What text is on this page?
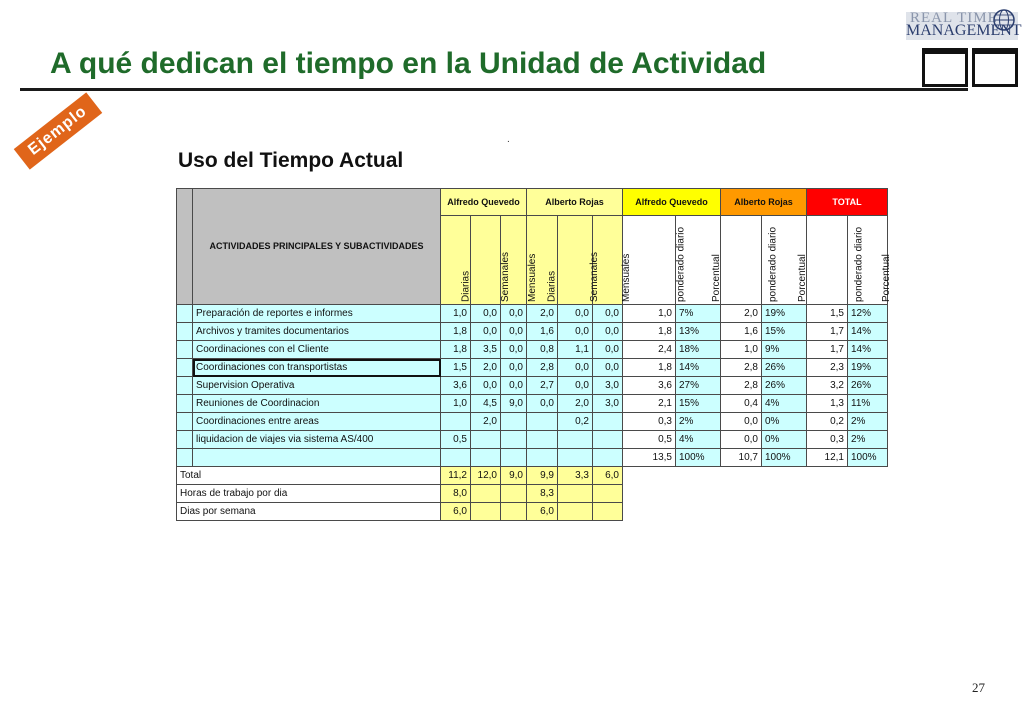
A qué dedican el tiempo en la Unidad de Actividad
REAL TIME
MANAGEMENT
Ejemplo	.
Uso del Tiempo Actual
	ACTIVIDADES PRINCIPALES Y SUBACTIVIDADES	Alfredo Quevedo			Alberto Rojas			Alfredo Quevedo		Alberto Rojas		TOTAL	

		Diarias	Semanales	Mensuales	Diarias	Semanales	Mensuales	ponderado diario	Porcentual	ponderado diario	Porcentual	ponderado diario	Porcentual

	Preparación de reportes e informes	1,0	0,0	0,0	2,0	0,0	0,0	1,0	7%	2,0	19%	1,5	12%
	Archivos y tramites documentarios	1,8	0,0	0,0	1,6	0,0	0,0	1,8	13%	1,6	15%	1,7	14%
	Coordinaciones con el Cliente	1,8	3,5	0,0	0,8	1,1	0,0	2,4	18%	1,0	9%	1,7	14%
	Coordinaciones con transportistas	1,5	2,0	0,0	2,8	0,0	0,0	1,8	14%	2,8	26%	2,3	19%
	Supervision Operativa	3,6	0,0	0,0	2,7	0,0	3,0	3,6	27%	2,8	26%	3,2	26%
	Reuniones de Coordinacion	1,0	4,5	9,0	0,0	2,0	3,0	2,1	15%	0,4	4%	1,3	11%
	Coordinaciones entre areas		2,0			0,2		0,3	2%	0,0	0%	0,2	2%
	liquidacion de viajes via sistema AS/400	0,5						0,5	4%	0,0	0%	0,3	2%
								13,5	100%	10,7	100%	12,1	100%
Total		11,2	12,0	9,0	9,9	3,3	6,0						
Horas de trabajo por dia		8,0			8,3								
Dias por semana		6,0			6,0								
27
